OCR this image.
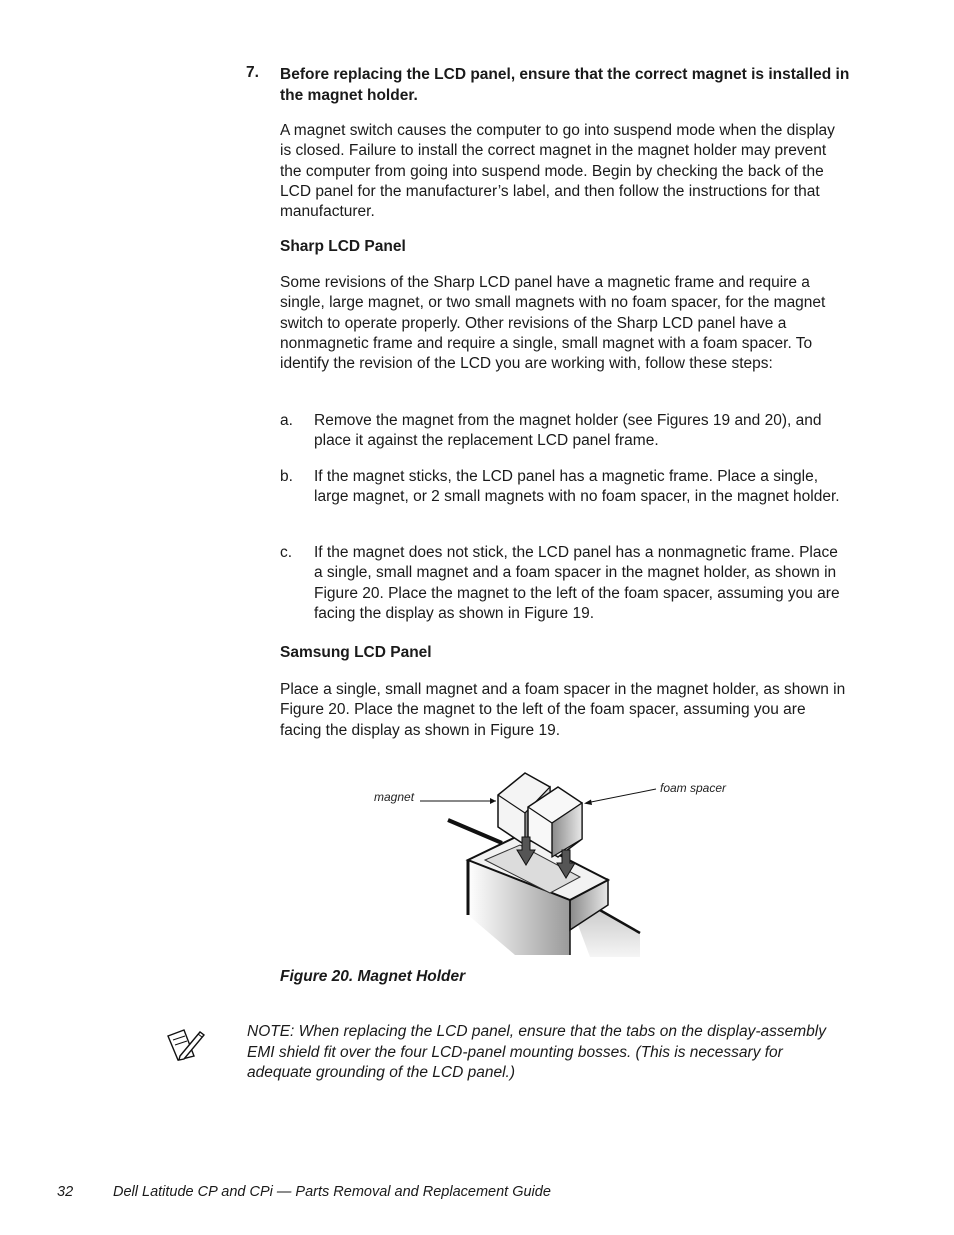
7. Before replacing the LCD panel, ensure that the correct magnet is installed in the magnet holder.
A magnet switch causes the computer to go into suspend mode when the display is closed. Failure to install the correct magnet in the magnet holder may prevent the computer from going into suspend mode. Begin by checking the back of the LCD panel for the manufacturer’s label, and then follow the instructions for that manufacturer.
Sharp LCD Panel
Some revisions of the Sharp LCD panel have a magnetic frame and require a single, large magnet, or two small magnets with no foam spacer, for the magnet switch to operate properly. Other revisions of the Sharp LCD panel have a nonmagnetic frame and require a single, small magnet with a foam spacer. To identify the revision of the LCD you are working with, follow these steps:
a. Remove the magnet from the magnet holder (see Figures 19 and 20), and place it against the replacement LCD panel frame.
b. If the magnet sticks, the LCD panel has a magnetic frame. Place a single, large magnet, or 2 small magnets with no foam spacer, in the magnet holder.
c. If the magnet does not stick, the LCD panel has a nonmagnetic frame. Place a single, small magnet and a foam spacer in the magnet holder, as shown in Figure 20. Place the magnet to the left of the foam spacer, assuming you are facing the display as shown in Figure 19.
Samsung LCD Panel
Place a single, small magnet and a foam spacer in the magnet holder, as shown in Figure 20. Place the magnet to the left of the foam spacer, assuming you are facing the display as shown in Figure 19.
magnet
foam spacer
Figure 20. Magnet Holder
NOTE: When replacing the LCD panel, ensure that the tabs on the display-assembly EMI shield fit over the four LCD-panel mounting bosses. (This is necessary for adequate grounding of the LCD panel.)
32	Dell Latitude CP and CPi — Parts Removal and Replacement Guide
